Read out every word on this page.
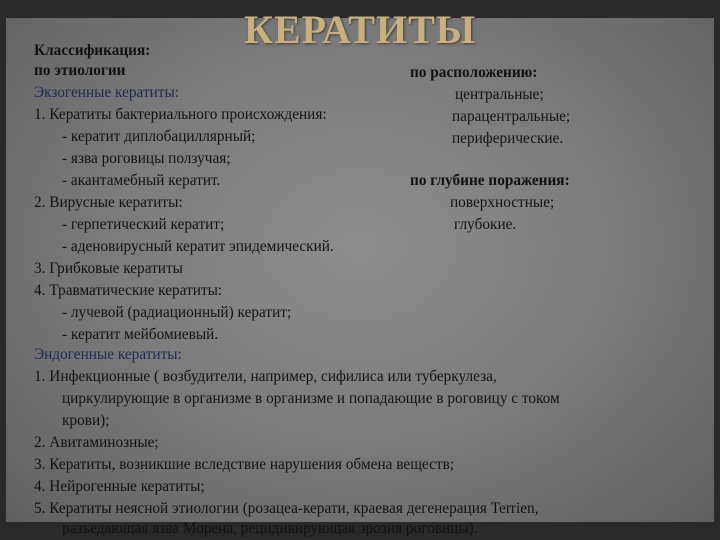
КЕРАТИТЫ
Классификация:
по этиологии
Экзогенные кератиты:
1. Кератиты бактериального происхождения:
- кератит диплобациллярный;
- язва роговицы ползучая;
- акантамебный кератит.
2. Вирусные кератиты:
- герпетический кератит;
- аденовирусный кератит эпидемический.
3. Грибковые кератиты
4. Травматические кератиты:
- лучевой (радиационный) кератит;
- кератит мейбомиевый.
Эндогенные кератиты:
1. Инфекционные ( возбудители, например, сифилиса или туберкулеза,
циркулирующие в организме в организме и попадающие в роговицу с током
крови);
2. Авитаминозные;
3. Кератиты, возникшие вследствие нарушения обмена веществ;
4. Нейрогенные кератиты;
5. Кератиты неясной этиологии (розацеа-керати, краевая дегенерация Terrien,
разъедающая язва Морена, рецидивирующая эрозия роговицы).
по расположению:
центральные;
парацентральные;
периферические.
по глубине поражения:
поверхностные;
глубокие.
